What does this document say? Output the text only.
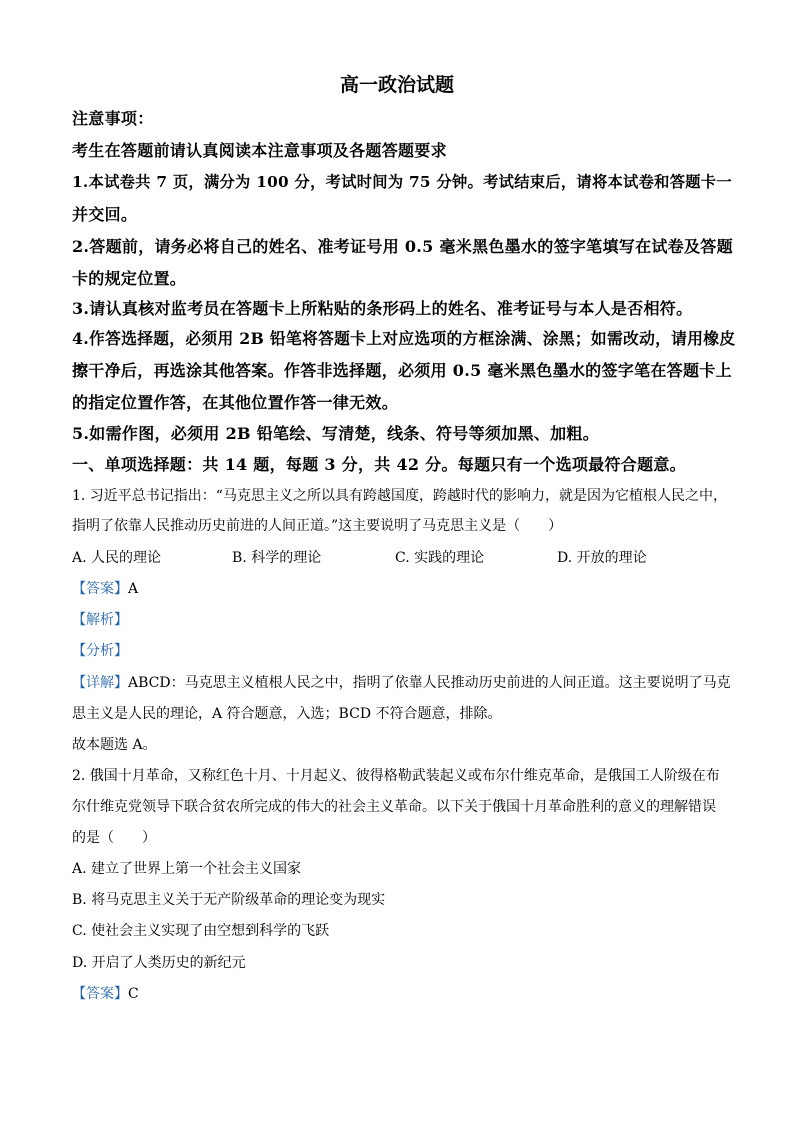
高一政治试题
注意事项：
考生在答题前请认真阅读本注意事项及各题答题要求
1.本试卷共 7 页，满分为 100 分，考试时间为 75 分钟。考试结束后，请将本试卷和答题卡一
并交回。
2.答题前，请务必将自己的姓名、准考证号用 0.5 毫米黑色墨水的签字笔填写在试卷及答题
卡的规定位置。
3.请认真核对监考员在答题卡上所粘贴的条形码上的姓名、准考证号与本人是否相符。
4.作答选择题，必须用 2B 铅笔将答题卡上对应选项的方框涂满、涂黑；如需改动，请用橡皮
擦干净后，再选涂其他答案。作答非选择题，必须用 0.5 毫米黑色墨水的签字笔在答题卡上
的指定位置作答，在其他位置作答一律无效。
5.如需作图，必须用 2B 铅笔绘、写清楚，线条、符号等须加黑、加粗。
一、单项选择题：共 14 题，每题 3 分，共 42 分。每题只有一个选项最符合题意。
1. 习近平总书记指出：“马克思主义之所以具有跨越国度，跨越时代的影响力，就是因为它植根人民之中，
指明了依靠人民推动历史前进的人间正道。”这主要说明了马克思主义是（　　）
A. 人民的理论	B. 科学的理论	C. 实践的理论	D. 开放的理论
【答案】A
【解析】
【分析】
【详解】ABCD：马克思主义植根人民之中，指明了依靠人民推动历史前进的人间正道。这主要说明了马克
思主义是人民的理论，A 符合题意，入选；BCD 不符合题意，排除。
故本题选 A。
2. 俄国十月革命，又称红色十月、十月起义、彼得格勒武装起义或布尔什维克革命，是俄国工人阶级在布
尔什维克党领导下联合贫农所完成的伟大的社会主义革命。以下关于俄国十月革命胜利的意义的理解错误
的是（　　）
A. 建立了世界上第一个社会主义国家
B. 将马克思主义关于无产阶级革命的理论变为现实
C. 使社会主义实现了由空想到科学的飞跃
D. 开启了人类历史的新纪元
【答案】C
